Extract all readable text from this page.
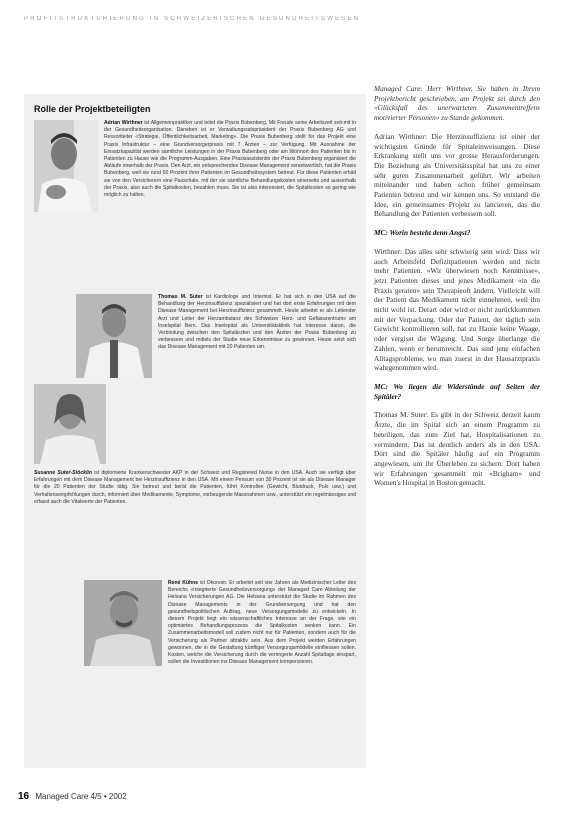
PROFITSTRUKTURIERUNG IN SCHWEIZERISCHEN GESUNDHEITSWESEN
Rolle der Projektbeteiligten
Adrian Wirthner ist Allgemeinpraktiker und leitet die Praxis Bubenberg. Mit Freude seine Arbeitszeit zeit-mit in der Gesundheitsorganisation. Daneben ist er Verwaltungsratspräsident der Praxis Bubenberg AG und Ressortleiter «Strategie, Öffentlichkeitsarbeit, Marketing». Die Praxis Bubenberg stellt für das Projekt eine Praxis Infrastruktur – eine Grundversorgerpraxis mit 7 Ärzten – zur Verfügung. Mit Ausnahme der Einsatzkapazität werden sämtliche Leistungen in der Praxis Bubenberg oder am Wohnort des Patienten bis in Patienten zu Hause wie die Programm-Ausgaben. Eine Praxisassistentin der Praxis Bubenberg organisiert die Abläufe innerhalb der Praxis. Den Arzt, ein entsprechendes Disease Management verantwortlich, hat die Praxis Bubenberg, weil sie rund 50 Prozent ihrer Patienten im Gesundheitssystem betreut. Für diese Patienten erhält sie von den Versicherern eine Pauschale, mit der sie sämtliche Behandlungskosten einerseits und ausserhalb der Praxis, also auch die Spitalkosten, bezahlen muss. Sie ist also interessiert, die Spitalkosten so gering wie möglich zu halten.
Thomas M. Suter ist Kardiologe und Internist. Er hat sich in den USA auf die Behandlung der Herzinsuffizienz spezialisiert und hat dort erste Erfahrungen mit dem Disease Management bei Herzinsuffizienz gesammelt. Heute arbeitet er als Leitender Arzt und Leiter der Herzambulanz des Schweizer Herz- und Gefässzentrums am Inselspital Bern. Das Inselspital als Universitätsklinik hat Interesse daran, die Verbindung zwischen den Spitalärzten und den Ärzten der Praxis Bubenberg zu verbessern und mittels der Studie neue Erkenntnisse zu gewinnen. Heute setzt sich das Disease Management mit 20 Patienten um.
Susanne Suter-Stöcklin ist diplomierte Krankenschwester AKP in der Schweiz und Registered Nurse in den USA. Auch sie verfügt über Erfahrungen mit dem Disease Management bei Herzinsuffizienz in den USA. Mit einem Pensum von 30 Prozent ist sie als Disease Manager für die 20 Patienten der Studie tätig. Sie betreut und berät die Patienten, führt Kontrollen (Gewicht, Blutdruck, Puls usw.) und Verhaltensempfehlungen durch, informiert über Medikamente, Symptome, vorbeugende Massnahmen usw., unterstützt ein regelmässiges und erfasst auch die Vitalwerte der Patienten.
René Kühne ist Ökonom. Er arbeitet seit vier Jahren als Medizinischer Leiter des Bereichs «Integrierte Gesundheitsversorgung» der Managed Care Abteilung der Helsana Versicherungen AG. Die Helsana unterstützt die Studie im Rahmen des Disease Managements in der Grundversorgung und hat den gesundheitspolitischen Auftrag, neue Versorgungsmodelle zu entwickeln. In diesem Projekt liegt ein wissenschaftliches Interesse an der Frage, wie ein optimiertes Behandlungsprozess die Spitalkosten senken kann. Ein Zusammenarbeitsmodell soll zudem nicht nur für Patienten, sondern auch für die Versicherung als Partner attraktiv sein. Aus dem Projekt werden Erfahrungen gewonnen, die in die Gestaltung künftiger Versorgungsmodelle einfliessen sollen. Kosten, welche die Versicherung durch die verringerte Anzahl Spitaltage einspart, sollen die Investitionen ins Disease Management kompensieren.

Managed Care: Herr Wirthner, Sie haben in Ihrem Projektbericht geschrieben, am Projekt sei durch den «Glücksfall des unerwarteten Zusammentreffens motivierter Personen» zu Stande gekommen.

Adrian Wirthner: Die Herzinsuffizienz ist einer der wichtigsten Gründe für Spitaleinweisungen. Diese Erkrankung stellt uns vor grosse Herausforderungen. Die Beziehung als Universitätsspital hat uns zu einer sehr guten Zusammenarbeit geführt. Wir arbeiten miteinander und haben schon früher gemeinsam Patienten betreut und wir kennen uns. So entstand die Idee, ein gemeinsames Projekt zu lancieren, das die Behandlung der Patienten verbessern soll.

MC: Worin besteht denn Angst?

Wirthner: Das alles sehr schwierig sein wird. Dass wir auch Arbeitsfeld Defizitpatienten werden und nicht mehr Patienten. «Wir überwiesen noch Kenntnisse», jetzt Patienten dieses und jenes Medikament «in die Praxis geraten» sein Therapieoft ändern. Vielleicht will der Patient das Medikament nicht einnehmen, weil ihn nicht wohl ist. Derart oder wird er nicht zurückkommen mit der Verpackung. Oder der Patient, der täglich sein Gewicht kontrollieren soll, hat zu Hause keine Waage, oder vergisst die Wägung. Und Sorge überlange die Zahlen, wenn er herumreicht. Das sind jene einfachen Alltagsprobleme, wo man zuerst in der Hausarztpraxis wahrgenommen wird.

MC: Wo liegen die Widerstände auf Seiten der Spitäler?

Thomas M. Suter: Es gibt in der Schweiz derzeit kaum Ärzte, die im Spital sich an einem Programm zu beteiligen, das zum Ziel hat, Hospitalisationen zu vermindern. Das ist deutlich anders als in den USA. Dort sind die Spitäler häufig auf ein Programm angewiesen, um ihr Überleben zu sichern. Dort haben wir Erfahrungen gesammelt mit «Brigham» und Women's Hospital in Boston gemacht.

16 Managed Care 4/5 • 2002
